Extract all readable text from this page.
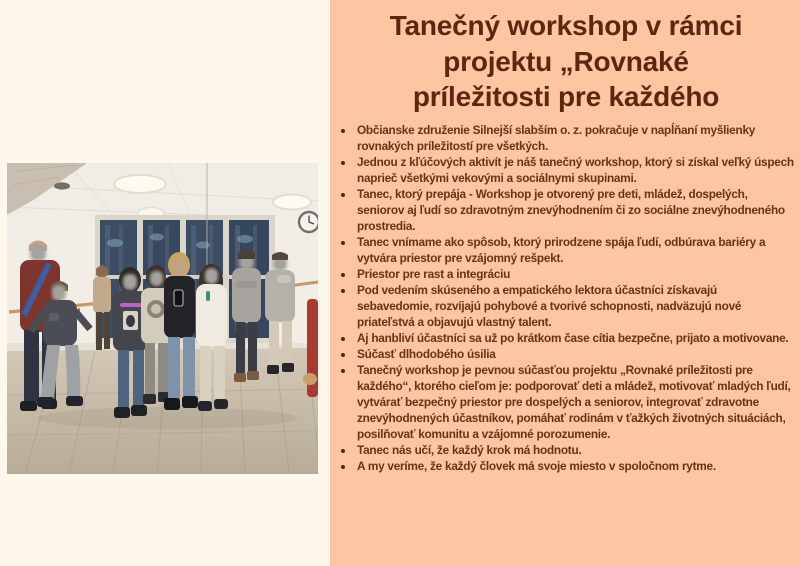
Tanečný workshop v rámci
projektu „Rovnaké
príležitosti pre každého
• Občianske združenie Silnejší slabším o. z. pokračuje v napĺňaní myšlienky rovnakých príležitostí pre všetkých.
• Jednou z kľúčových aktivít je náš tanečný workshop, ktorý si získal veľký úspech naprieč všetkými vekovými a sociálnymi skupinami.
• Tanec, ktorý prepája - Workshop je otvorený pre deti, mládež, dospelých, seniorov aj ľudí so zdravotným znevýhodnením či zo sociálne znevýhodneného prostredia.
• Tanec vnímame ako spôsob, ktorý prirodzene spája ľudí, odbúrava bariéry a vytvára priestor pre vzájomný rešpekt.
• Priestor pre rast a integráciu
• Pod vedením skúseného a empatického lektora účastníci získavajú sebavedomie, rozvíjajú pohybové a tvorivé schopnosti, nadväzujú nové priateľstvá a objavujú vlastný talent.
• Aj hanbliví účastníci sa už po krátkom čase cítia bezpečne, prijato a motivovane.
• Súčasť dlhodobého úsilia
• Tanečný workshop je pevnou súčasťou projektu „Rovnaké príležitosti pre každého“, ktorého cieľom je: podporovať deti a mládež, motivovať mladých ľudí, vytvárať bezpečný priestor pre dospelých a seniorov, integrovať zdravotne znevýhodnených účastníkov, pomáhať rodinám v ťažkých životných situáciách, posilňovať komunitu a vzájomné porozumenie.
• Tanec nás učí, že každý krok má hodnotu.
• A my veríme, že každý človek má svoje miesto v spoločnom rytme.
